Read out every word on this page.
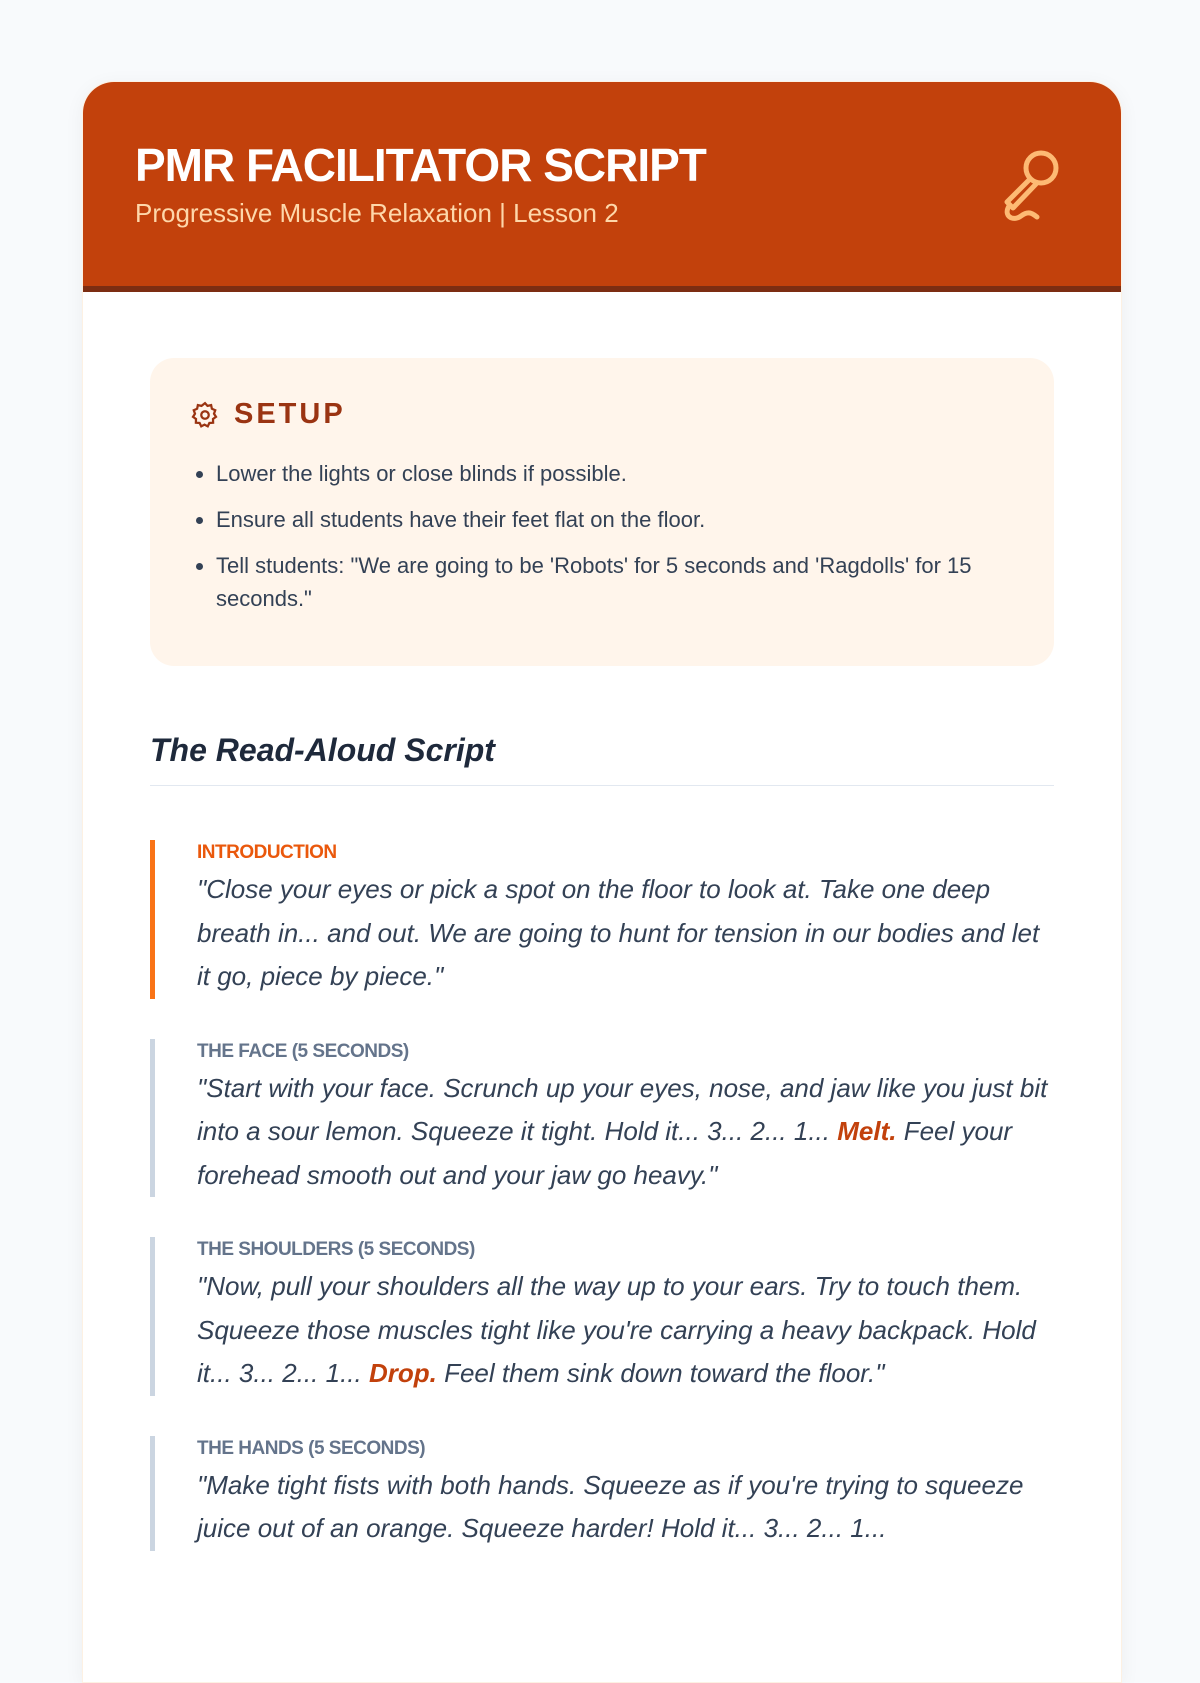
PMR FACILITATOR SCRIPT
Progressive Muscle Relaxation | Lesson 2
SETUP
• Lower the lights or close blinds if possible.
• Ensure all students have their feet flat on the floor.
• Tell students: "We are going to be 'Robots' for 5 seconds and 'Ragdolls' for 15 seconds."
The Read-Aloud Script
INTRODUCTION
"Close your eyes or pick a spot on the floor to look at. Take one deep breath in... and out. We are going to hunt for tension in our bodies and let it go, piece by piece."
THE FACE (5 SECONDS)
"Start with your face. Scrunch up your eyes, nose, and jaw like you just bit into a sour lemon. Squeeze it tight. Hold it... 3... 2... 1... Melt. Feel your forehead smooth out and your jaw go heavy."
THE SHOULDERS (5 SECONDS)
"Now, pull your shoulders all the way up to your ears. Try to touch them. Squeeze those muscles tight like you're carrying a heavy backpack. Hold it... 3... 2... 1... Drop. Feel them sink down toward the floor."
THE HANDS (5 SECONDS)
"Make tight fists with both hands. Squeeze as if you're trying to squeeze juice out of an orange. Squeeze harder! Hold it... 3... 2... 1...
